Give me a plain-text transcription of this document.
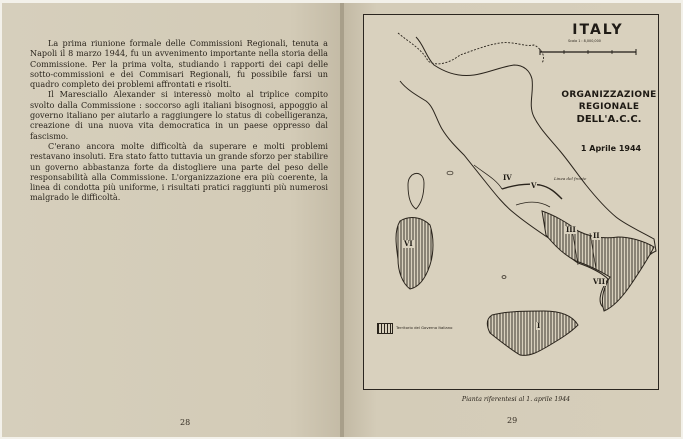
La prima riunione formale delle Commissioni Regionali, tenuta a Napoli il 8 marzo 1944, fu un avvenimento importante nella storia della Commissione. Per la prima volta, studiando i rapporti dei capi delle sotto-commissioni e dei Commisari Regionali, fu possibile farsi un quadro completo dei problemi affrontati e risolti.

Il Maresciallo Alexander si interessò molto al triplice compito svolto dalla Commissione : soccorso agli italiani bisognosi, appoggio al governo italiano per aiutarlo a raggiungere lo status di cobelligeranza, creazione di una nuova vita democratica in un paese oppresso dal fascismo.

C'erano ancora molte difficoltà da superare e molti problemi restavano insoluti. Era stato fatto tuttavia un grande sforzo per stabilire un governo abbastanza forte da distogliere una parte del peso delle responsabilità alla Commissione. L'organizzazione era più coerente, la linea di condotta più uniforme, i risultati pratici raggiunti più numerosi malgrado le difficoltà.

28
ITALY
Scala 1 : 8,000,000
ORGANIZZAZIONE
REGIONALE
DELL'A.C.C.
1 Aprile 1944
Linea del fronte
IV
V
VI
III
II
VII
I
Territorio del Governo Italiano
Pianta riferentesi al 1. aprile 1944
29
